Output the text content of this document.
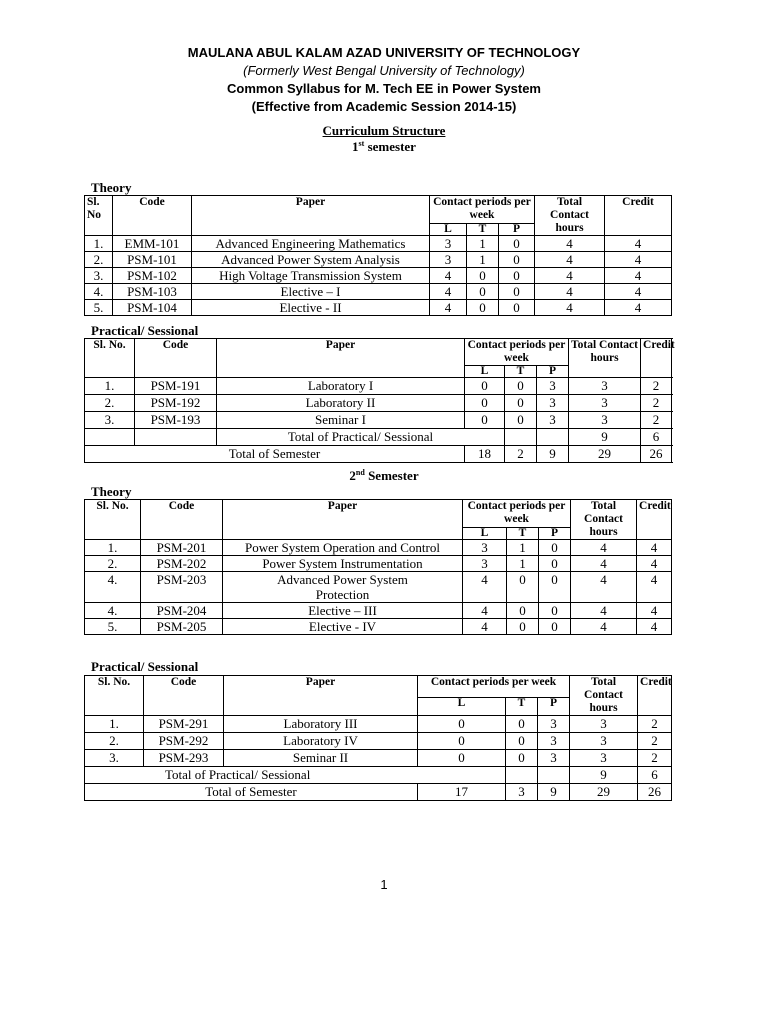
MAULANA ABUL KALAM AZAD UNIVERSITY OF TECHNOLOGY
(Formerly West Bengal University of Technology)
Common Syllabus for M. Tech EE in Power System
(Effective from Academic Session 2014-15)
Curriculum Structure
1st semester
Theory
Sl. No	Code	Paper	Contact periods per week			Total Contact hours	Credit
			L	T	P		
1.	EMM-101	Advanced Engineering Mathematics	3	1	0	4	4
2.	PSM-101	Advanced Power System Analysis	3	1	0	4	4
3.	PSM-102	High Voltage Transmission System	4	0	0	4	4
4.	PSM-103	Elective – I	4	0	0	4	4
5.	PSM-104	Elective - II	4	0	0	4	4
Practical/ Sessional
Sl. No.	Code	Paper	Contact periods per week			Total Contact hours	Credit
			L	T	P		
1.	PSM-191	Laboratory I	0	0	3	3	2
2.	PSM-192	Laboratory II	0	0	3	3	2
3.	PSM-193	Seminar I	0	0	3	3	2
		Total of Practical/ Sessional				9	6
Total of Semester			18	2	9	29	26
2nd Semester
Theory
Sl. No.	Code	Paper	Contact periods per week			Total Contact hours	Credit
			L	T	P		
1.	PSM-201	Power System Operation and Control	3	1	0	4	4
2.	PSM-202	Power System Instrumentation	3	1	0	4	4
4.	PSM-203	Advanced Power System Protection	4	0	0	4	4
4.	PSM-204	Elective – III	4	0	0	4	4
5.	PSM-205	Elective - IV	4	0	0	4	4
Practical/ Sessional
Sl. No.	Code	Paper	Contact periods per week			Total Contact hours	Credit
			L	T	P		
1.	PSM-291	Laboratory III	0	0	3	3	2
2.	PSM-292	Laboratory IV	0	0	3	3	2
3.	PSM-293	Seminar II	0	0	3	3	2
Total of Practical/ Sessional						9	6
Total of Semester			17	3	9	29	26
1
